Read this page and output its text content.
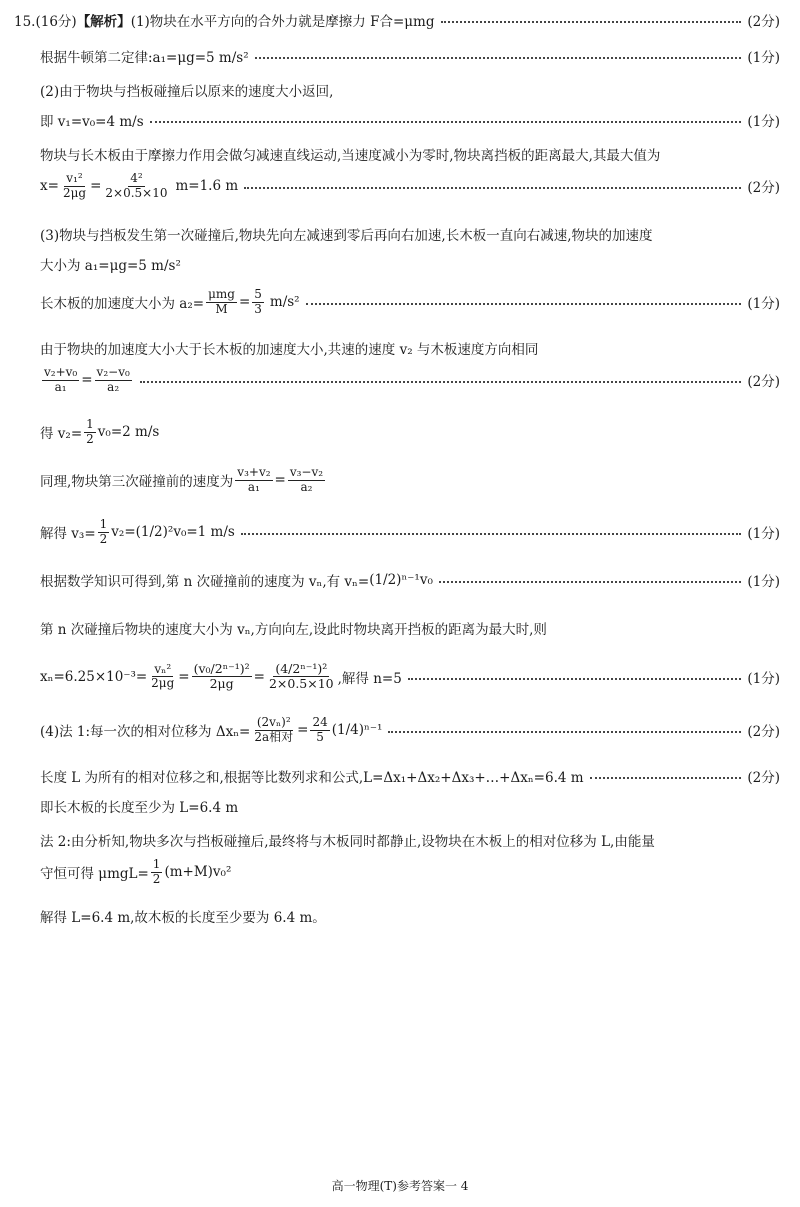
15.(16分) 【解析】 (1)物块在水平方向的合外力就是摩擦力 F合=μmg	(2分)
根据牛顿第二定律:a₁=μg=5 m/s²	(1分)
(2)由于物块与挡板碰撞后以原来的速度大小返回,
即 v₁=v₀=4 m/s	(1分)
物块与长木板由于摩擦力作用会做匀减速直线运动,当速度减小为零时,物块离挡板的距离最大,其最大值为
$x= \frac{\text{v₁²}}{2\mu g} = \frac{\text{4²}}{2\times 0.5\times 10} m=1.6$ m	(2分)
(3)物块与挡板发生第一次碰撞后,物块先向左减速到零后再向右加速,长木板一直向右减速,物块的加速度
大小为 a₁=μg=5 m/s²
长木板的加速度大小为 $a_2= \frac{\text{μmg}}{M} = \frac{5}{3} m/s^2$	(1分)
由于物块的加速度大小大于长木板的加速度大小,共速的速度 v₂ 与木板速度方向相同
$\frac{\text{v₂+v₀}}{\text{a₁}} = \frac{\text{v₂−v₀}}{\text{a₂}}$	(2分)
得 $v_2= \frac{1}{2} v_0=2$ m/s
同理,物块第三次碰撞前的速度为 $\frac{\text{v₃+v₂}}{\text{a₁}} = \frac{\text{v₃−v₂}}{\text{a₂}}$
解得 $v_3= \frac{1}{2} v_2=(1/2)^2v_0=1$ m/s	(1分)
根据数学知识可得到,第 n 次碰撞前的速度为 vₙ,有 vₙ= (1/2)ⁿ⁻¹v₀	(1分)
第 n 次碰撞后物块的速度大小为 vₙ,方向向左,设此时物块离开挡板的距离为最大时,则
$x_n=6.25\times 10^{-3}= \frac{\text{vₙ²}}{2\mu g} = \frac{\text{(v₀/2ⁿ⁻¹)²}}{2\mu g} = \frac{\text{(4/2ⁿ⁻¹)²}}{2\times 0.5\times 10}$ ,解得 n=5	(1分)
(4)法 1:每一次的相对位移为 $\Delta x_n= \frac{\text{(2vₙ)²}}{\text{2a相对}} = \frac{24}{5} (1/4)^{n-1}$	(2分)
长度 L 为所有的相对位移之和,根据等比数列求和公式,L=Δx₁+Δx₂+Δx₃+…+Δxₙ=6.4 m	(2分)
即长木板的长度至少为 L=6.4 m
法 2:由分析知,物块多次与挡板碰撞后,最终将与木板同时都静止,设物块在木板上的相对位移为 L,由能量
守恒可得 $\mu mgL= \frac{1}{2} (m+M)v_0^2$
解得 L=6.4 m,故木板的长度至少要为 6.4 m。
高一物理(T)参考答案一 4
